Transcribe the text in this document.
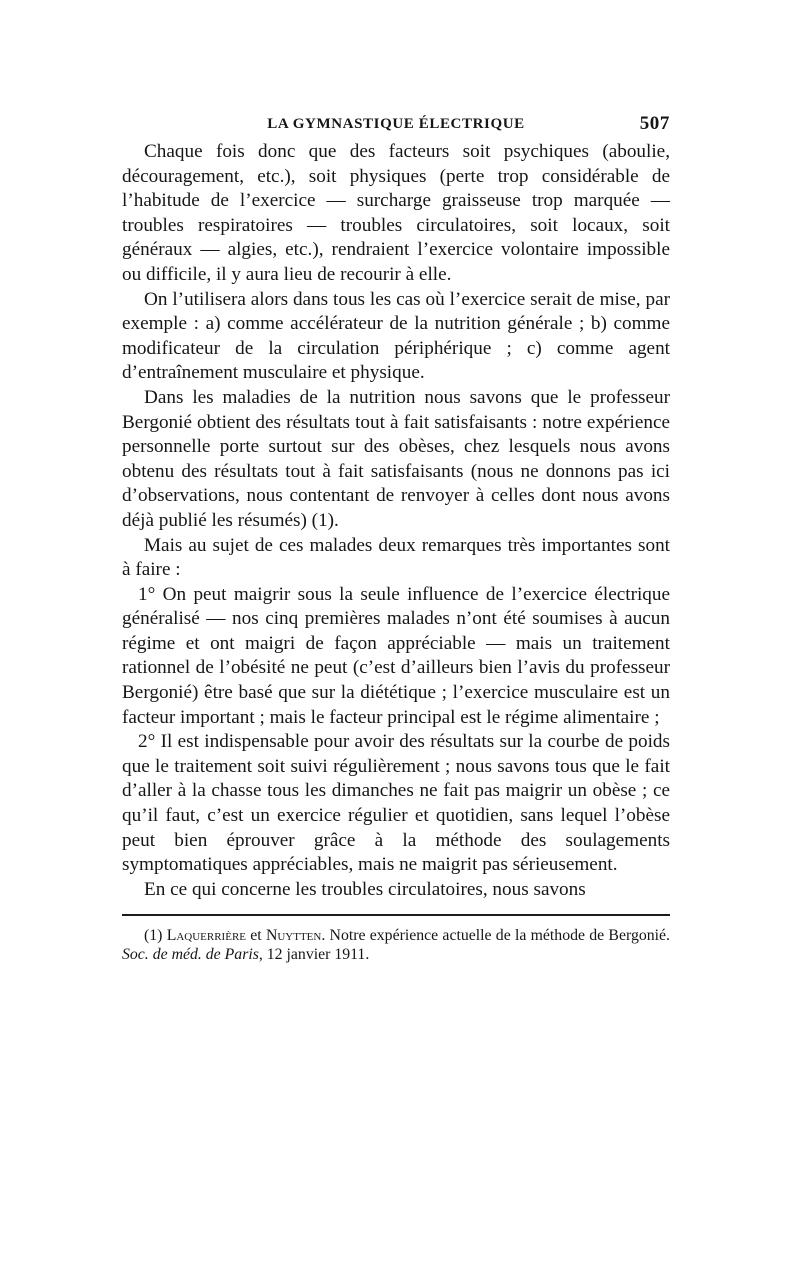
LA GYMNASTIQUE ÉLECTRIQUE	507

Chaque fois donc que des facteurs soit psychiques (aboulie, découragement, etc.), soit physiques (perte trop considérable de l’habitude de l’exercice — surcharge graisseuse trop marquée — troubles respiratoires — troubles circulatoires, soit locaux, soit généraux — algies, etc.), rendraient l’exercice volontaire impossible ou difficile, il y aura lieu de recourir à elle.

On l’utilisera alors dans tous les cas où l’exercice serait de mise, par exemple : a) comme accélérateur de la nutrition générale ; b) comme modificateur de la circulation périphérique ; c) comme agent d’entraînement musculaire et physique.

Dans les maladies de la nutrition nous savons que le professeur Bergonié obtient des résultats tout à fait satisfaisants : notre expérience personnelle porte surtout sur des obèses, chez lesquels nous avons obtenu des résultats tout à fait satisfaisants (nous ne donnons pas ici d’observations, nous contentant de renvoyer à celles dont nous avons déjà publié les résumés) (1).

Mais au sujet de ces malades deux remarques très importantes sont à faire :

1° On peut maigrir sous la seule influence de l’exercice électrique généralisé — nos cinq premières malades n’ont été soumises à aucun régime et ont maigri de façon appréciable — mais un traitement rationnel de l’obésité ne peut (c’est d’ailleurs bien l’avis du professeur Bergonié) être basé que sur la diététique ; l’exercice musculaire est un facteur important ; mais le facteur principal est le régime alimentaire ;

2° Il est indispensable pour avoir des résultats sur la courbe de poids que le traitement soit suivi régulièrement ; nous savons tous que le fait d’aller à la chasse tous les dimanches ne fait pas maigrir un obèse ; ce qu’il faut, c’est un exercice régulier et quotidien, sans lequel l’obèse peut bien éprouver grâce à la méthode des soulagements symptomatiques appréciables, mais ne maigrit pas sérieusement.

En ce qui concerne les troubles circulatoires, nous savons

(1) Laquerrière et Nuytten. Notre expérience actuelle de la méthode de Bergonié. Soc. de méd. de Paris, 12 janvier 1911.
